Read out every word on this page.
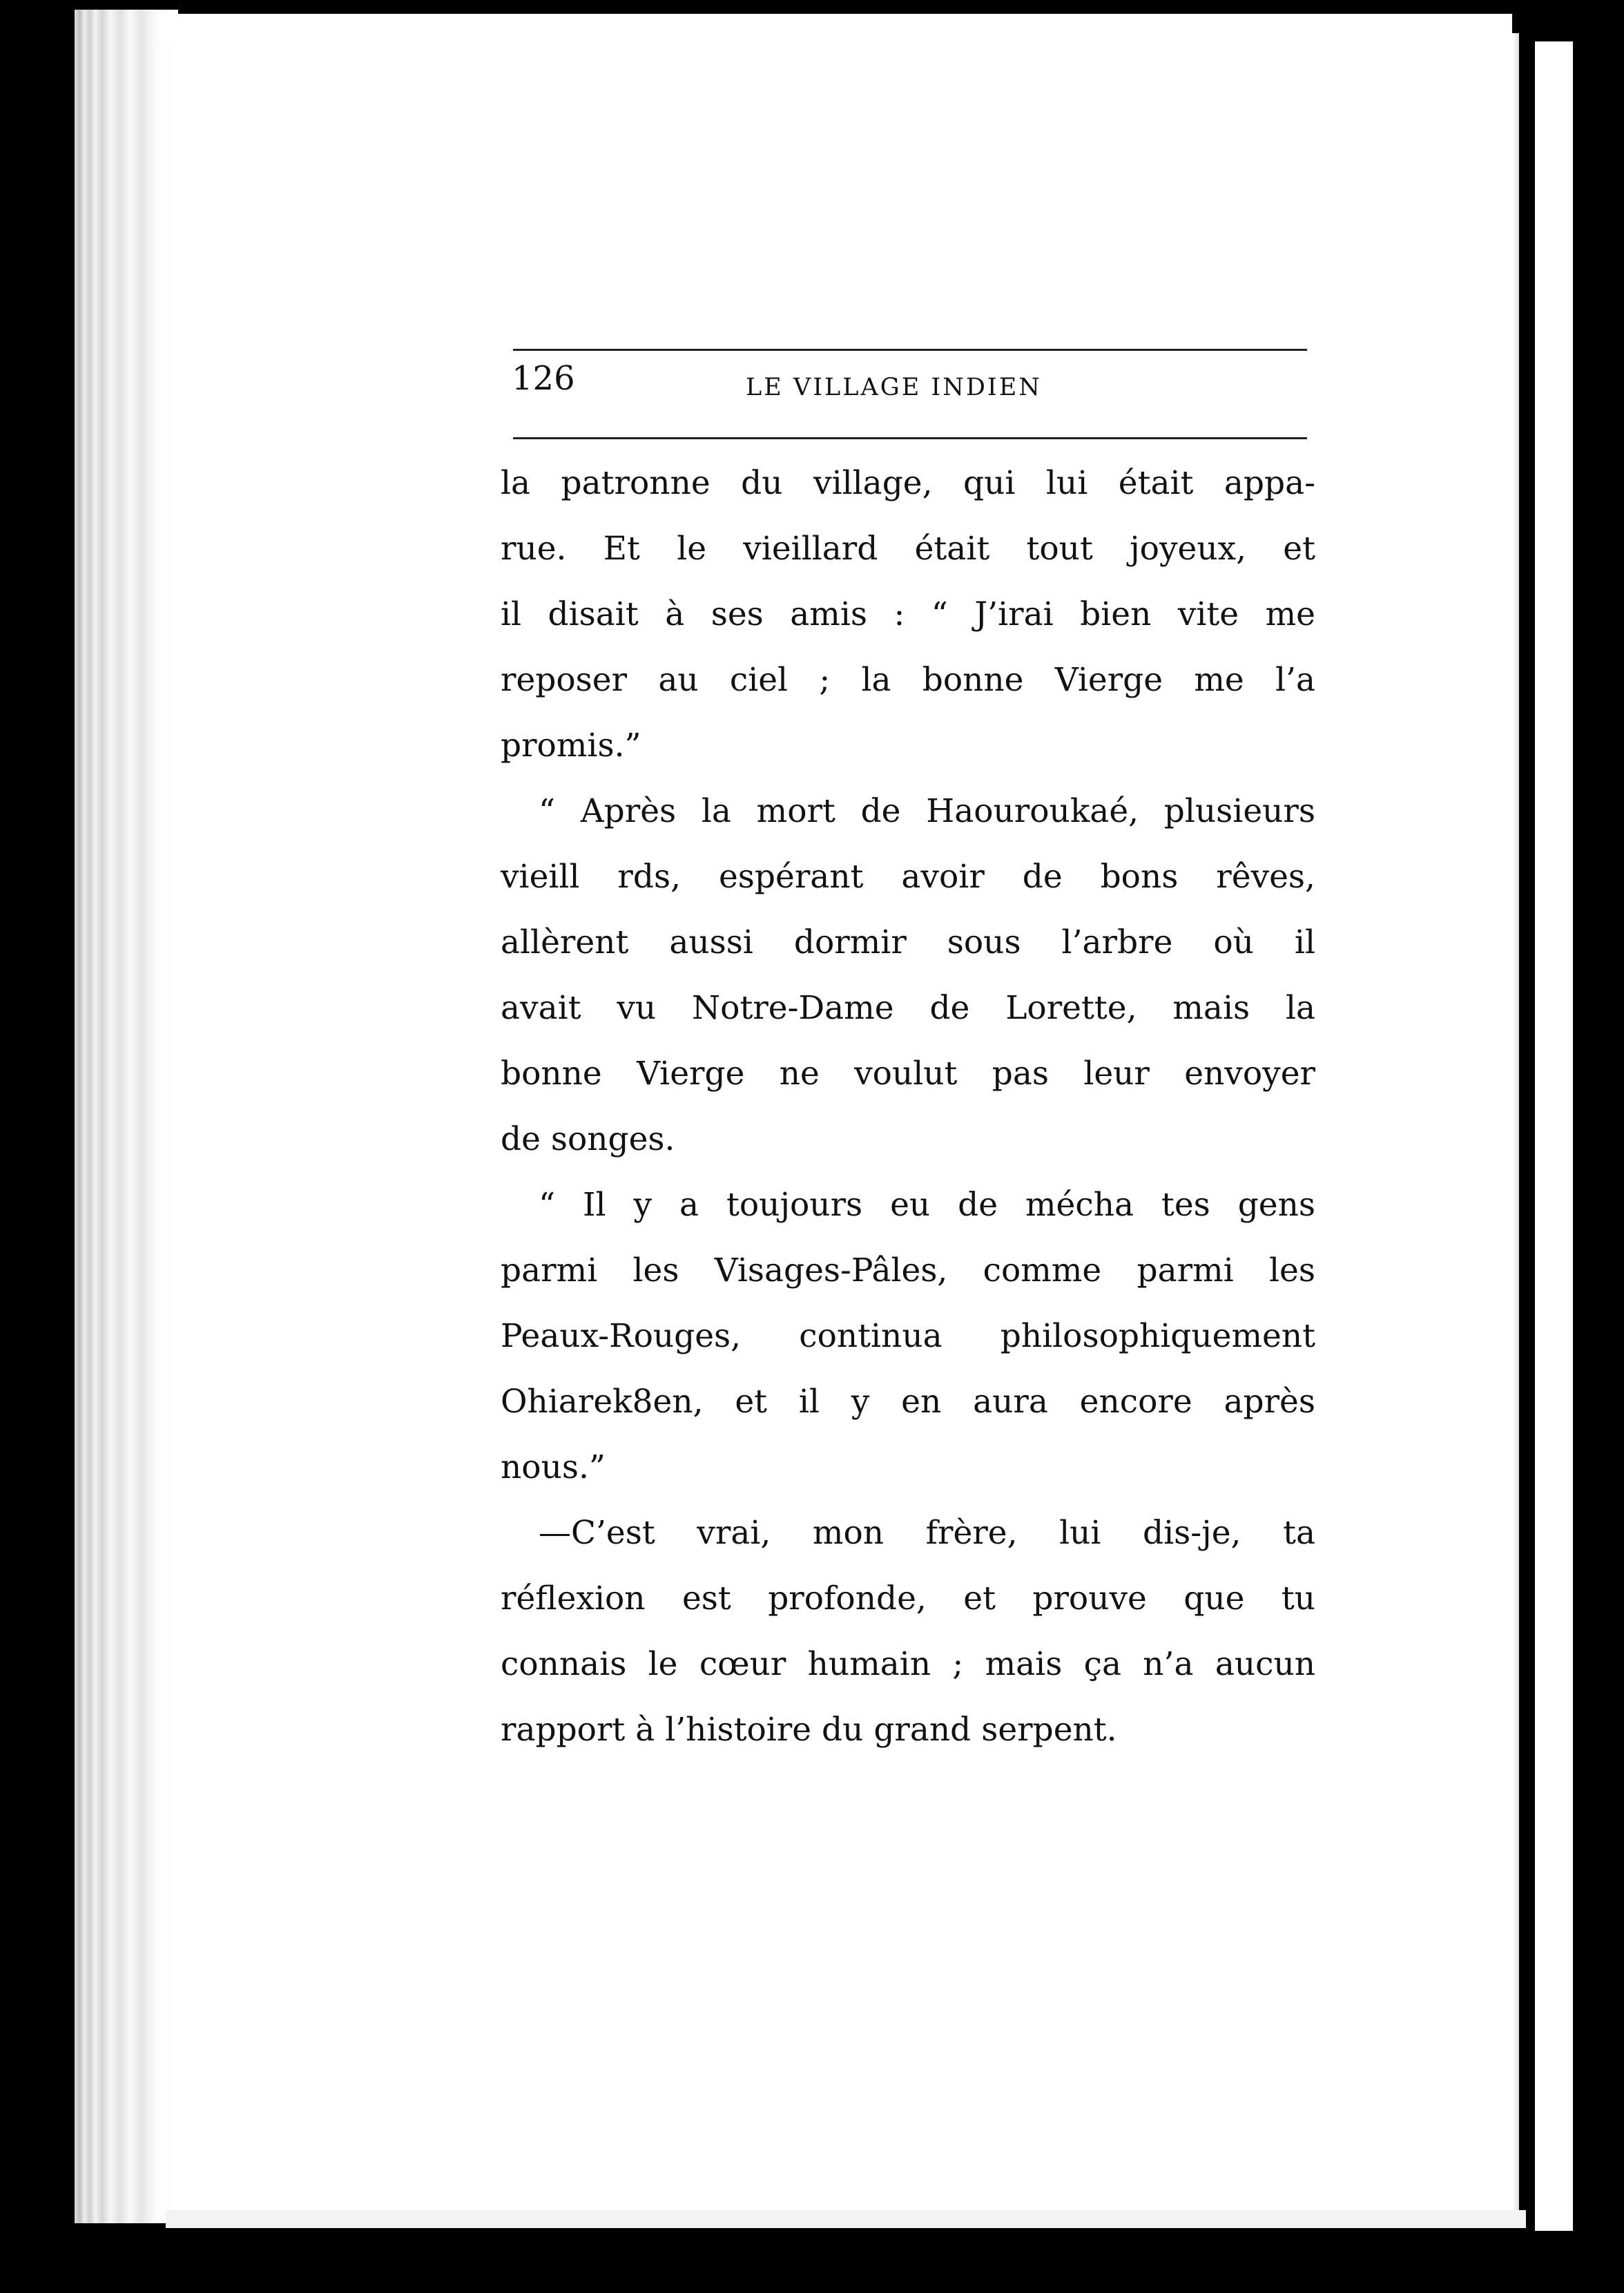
126	LE VILLAGE INDIEN
la patronne du village, qui lui était appa-
rue. Et le vieillard était tout joyeux, et
il disait à ses amis : “ J’irai bien vite me
reposer au ciel ; la bonne Vierge me l’a
promis.”
“ Après la mort de Haouroukaé, plusieurs
vieill rds, espérant avoir de bons rêves,
allèrent aussi dormir sous l’arbre où il
avait vu Notre-Dame de Lorette, mais la
bonne Vierge ne voulut pas leur envoyer
de songes.
“ Il y a toujours eu de mécha tes gens
parmi les Visages-Pâles, comme parmi les
Peaux-Rouges, continua philosophiquement
Ohiarek8en, et il y en aura encore après
nous.”
—C’est vrai, mon frère, lui dis-je, ta
réflexion est profonde, et prouve que tu
connais le cœur humain ; mais ça n’a aucun
rapport à l’histoire du grand serpent.
